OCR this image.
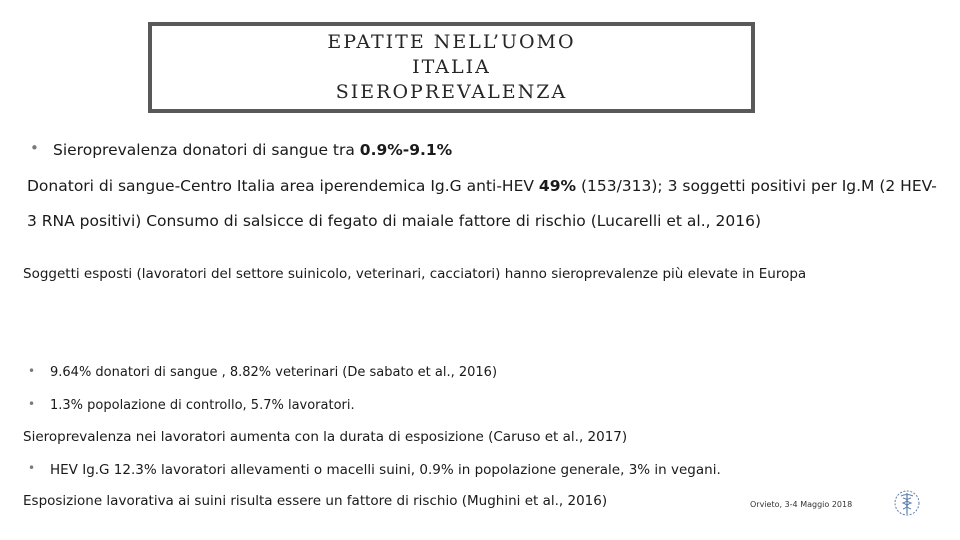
EPATITE NELL’UOMO
ITALIA
SIEROPREVALENZA
• Sieroprevalenza donatori di sangue tra 0.9%-9.1%
Donatori di sangue-Centro Italia area iperendemica Ig.G anti-HEV 49% (153/313); 3 soggetti positivi per Ig.M (2 HEV-
3 RNA positivi) Consumo di salsicce di fegato di maiale fattore di rischio (Lucarelli et al., 2016)
Soggetti esposti (lavoratori del settore suinicolo, veterinari, cacciatori) hanno sieroprevalenze più elevate in Europa
• 9.64% donatori di sangue , 8.82% veterinari (De sabato et al., 2016)
• 1.3% popolazione di controllo, 5.7% lavoratori.
Sieroprevalenza nei lavoratori aumenta con la durata di esposizione (Caruso et al., 2017)
• HEV Ig.G 12.3% lavoratori allevamenti o macelli suini, 0.9% in popolazione generale, 3% in vegani.
Esposizione lavorativa ai suini risulta essere un fattore di rischio (Mughini et al., 2016)	Orvieto, 3-4 Maggio 2018
